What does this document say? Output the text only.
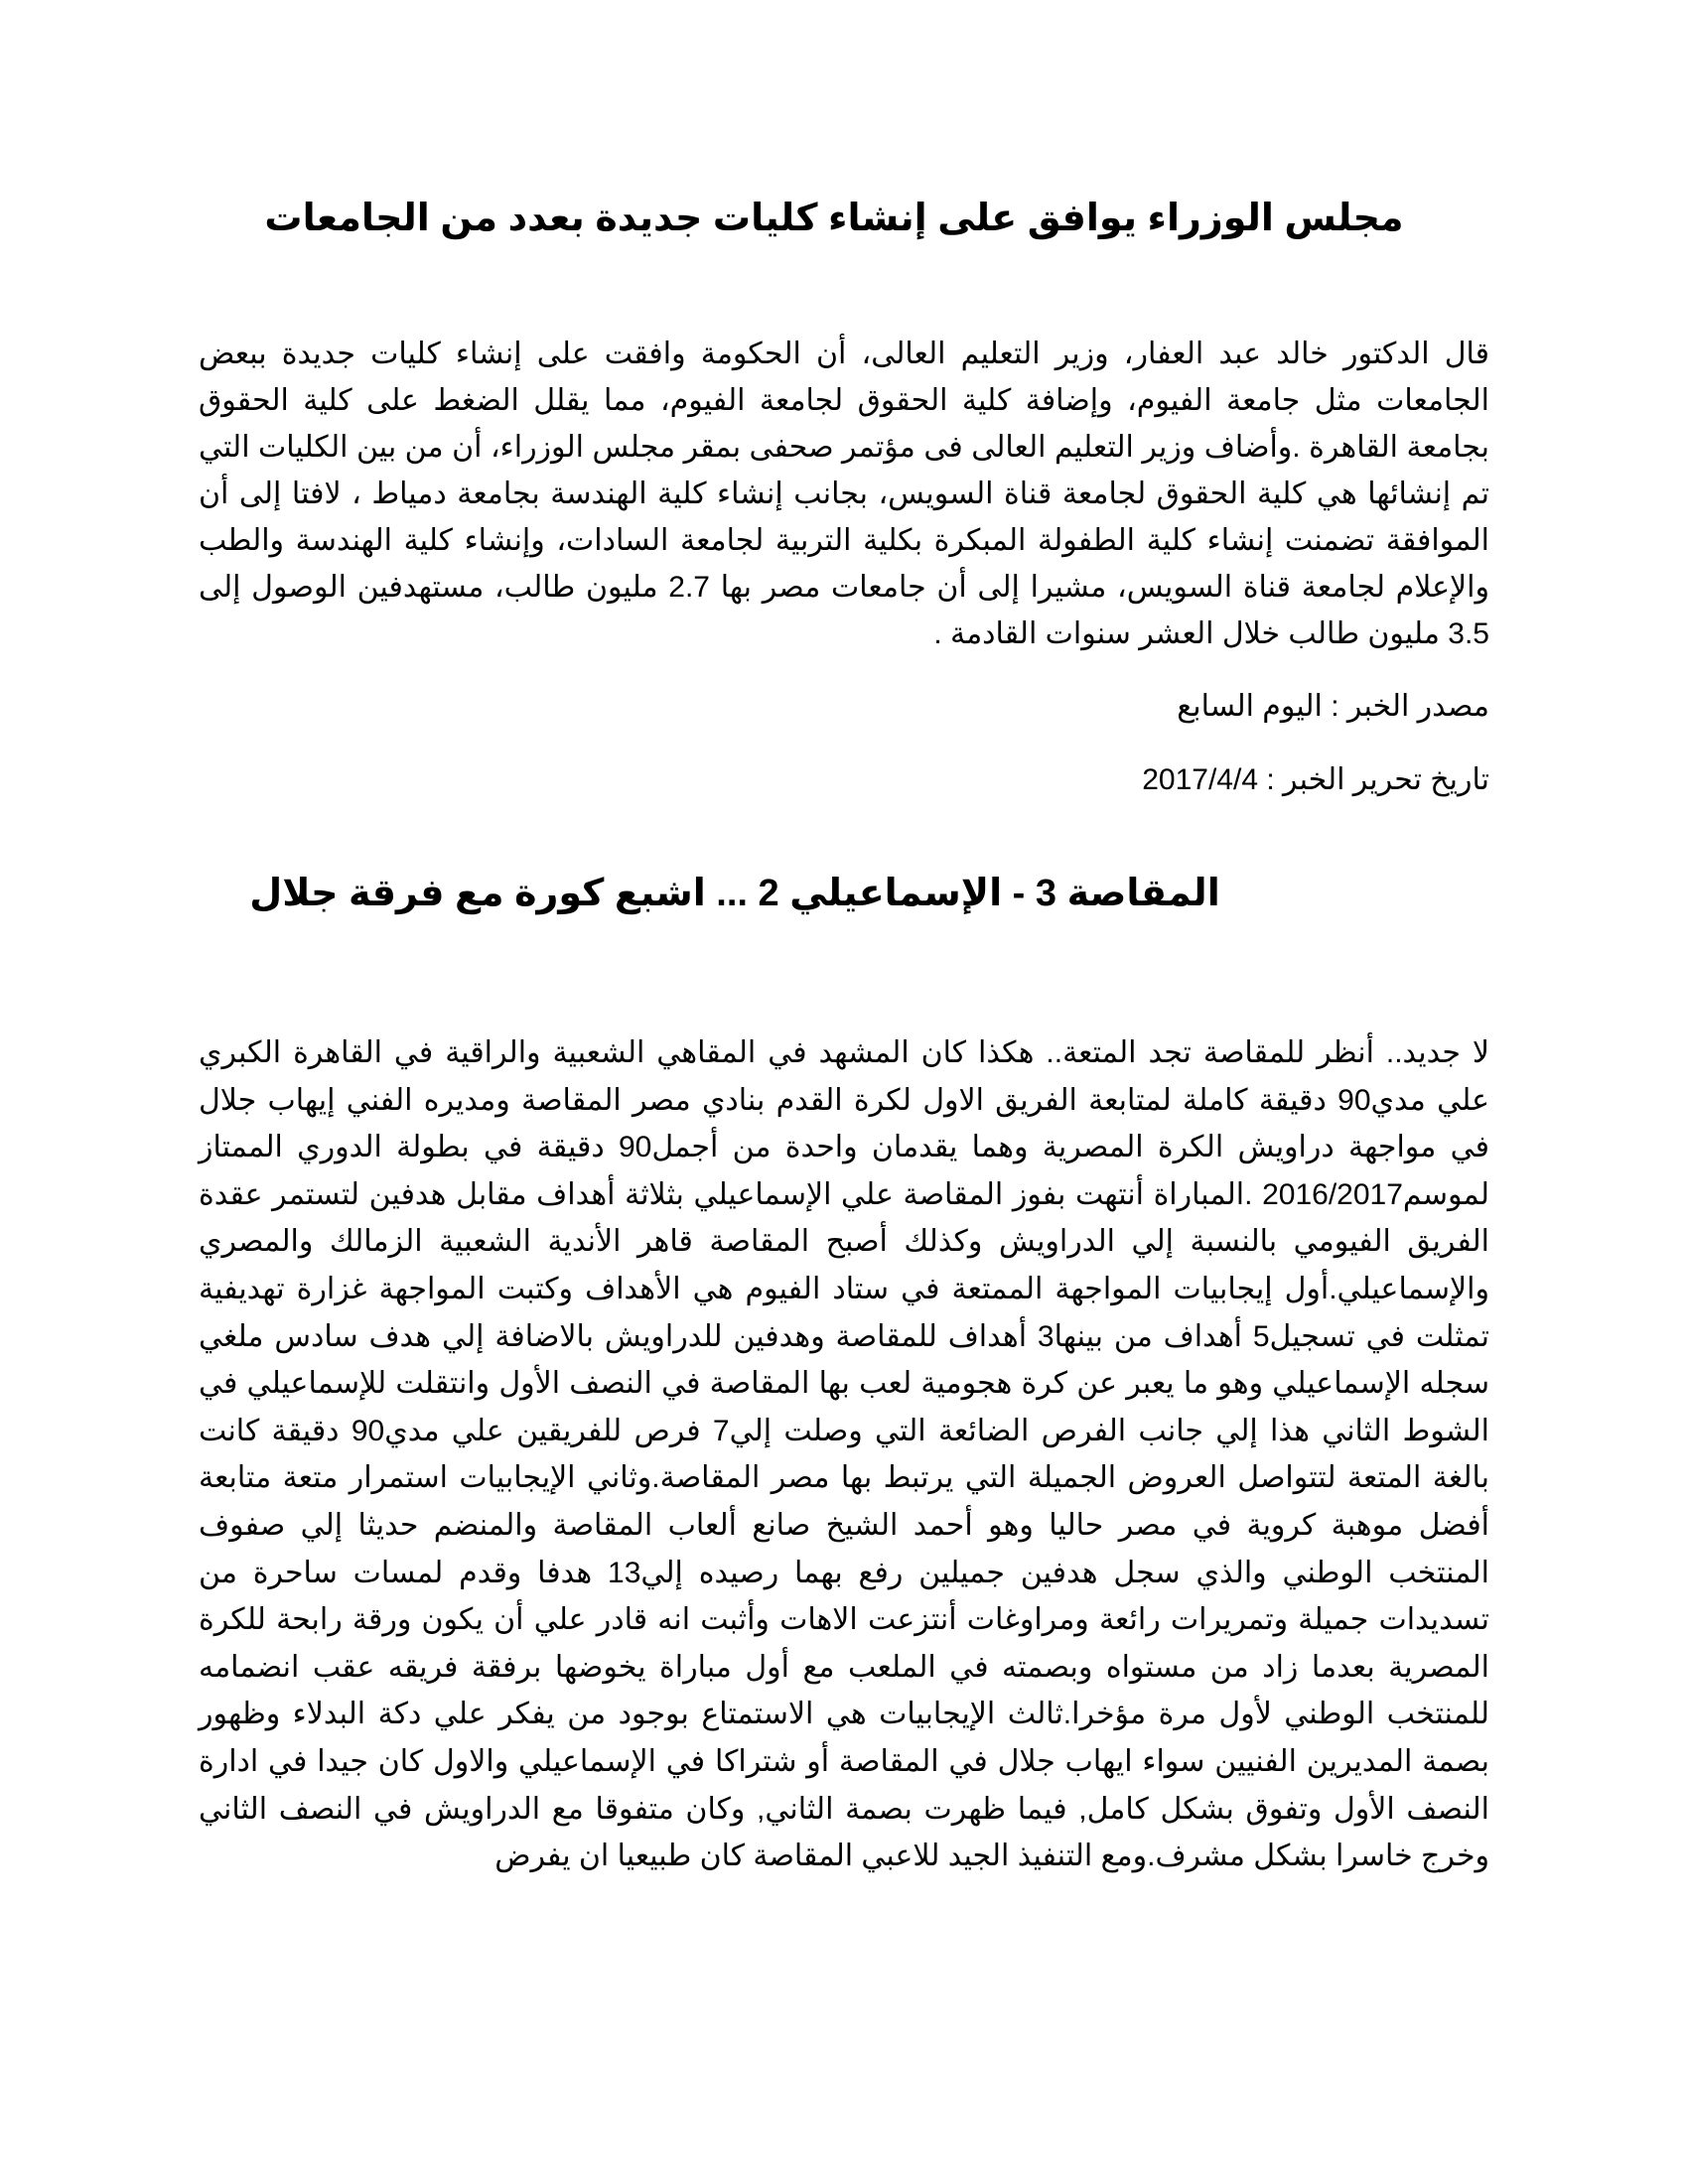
مجلس الوزراء يوافق على إنشاء كليات جديدة بعدد من الجامعات

قال الدكتور خالد عبد العفار، وزير التعليم العالى، أن الحكومة وافقت على إنشاء كليات جديدة ببعض الجامعات مثل جامعة الفيوم، وإضافة كلية الحقوق لجامعة الفيوم، مما يقلل الضغط على كلية الحقوق بجامعة القاهرة .وأضاف وزير التعليم العالى فى مؤتمر صحفى بمقر مجلس الوزراء، أن من بين الكليات التي تم إنشائها هي كلية الحقوق لجامعة قناة السويس، بجانب إنشاء كلية الهندسة بجامعة دمياط ، لافتا إلى أن الموافقة تضمنت إنشاء كلية الطفولة المبكرة بكلية التربية لجامعة السادات، وإنشاء كلية الهندسة والطب والإعلام لجامعة قناة السويس، مشيرا إلى أن جامعات مصر بها 2.7 مليون طالب، مستهدفين الوصول إلى 3.5 مليون طالب خلال العشر سنوات القادمة .

مصدر الخبر : اليوم السابع

تاريخ تحرير الخبر : 2017/4/4

المقاصة 3 - الإسماعيلي 2 ... اشبع كورة مع فرقة جلال

لا جديد.. أنظر للمقاصة تجد المتعة.. هكذا كان المشهد في المقاهي الشعبية والراقية في القاهرة الكبري علي مدي90 دقيقة كاملة لمتابعة الفريق الاول لكرة القدم بنادي مصر المقاصة ومديره الفني إيهاب جلال في مواجهة دراويش الكرة المصرية وهما يقدمان واحدة من أجمل90 دقيقة في بطولة الدوري الممتاز لموسم2016/2017 .المباراة أنتهت بفوز المقاصة علي الإسماعيلي بثلاثة أهداف مقابل هدفين لتستمر عقدة الفريق الفيومي بالنسبة إلي الدراويش وكذلك أصبح المقاصة قاهر الأندية الشعبية الزمالك والمصري والإسماعيلي.أول إيجابيات المواجهة الممتعة في ستاد الفيوم هي الأهداف وكتبت المواجهة غزارة تهديفية تمثلت في تسجيل5 أهداف من بينها3 أهداف للمقاصة وهدفين للدراويش بالاضافة إلي هدف سادس ملغي سجله الإسماعيلي وهو ما يعبر عن كرة هجومية لعب بها المقاصة في النصف الأول وانتقلت للإسماعيلي في الشوط الثاني هذا إلي جانب الفرص الضائعة التي وصلت إلي7 فرص للفريقين علي مدي90 دقيقة كانت بالغة المتعة لتتواصل العروض الجميلة التي يرتبط بها مصر المقاصة.وثاني الإيجابيات استمرار متعة متابعة أفضل موهبة كروية في مصر حاليا وهو أحمد الشيخ صانع ألعاب المقاصة والمنضم حديثا إلي صفوف المنتخب الوطني والذي سجل هدفين جميلين رفع بهما رصيده إلي13 هدفا وقدم لمسات ساحرة من تسديدات جميلة وتمريرات رائعة ومراوغات أنتزعت الاهات وأثبت انه قادر علي أن يكون ورقة رابحة للكرة المصرية بعدما زاد من مستواه وبصمته في الملعب مع أول مباراة يخوضها برفقة فريقه عقب انضمامه للمنتخب الوطني لأول مرة مؤخرا.ثالث الإيجابيات هي الاستمتاع بوجود من يفكر علي دكة البدلاء وظهور بصمة المديرين الفنيين سواء ايهاب جلال في المقاصة أو شتراكا في الإسماعيلي والاول كان جيدا في ادارة النصف الأول وتفوق بشكل كامل, فيما ظهرت بصمة الثاني, وكان متفوقا مع الدراويش في النصف الثاني وخرج خاسرا بشكل مشرف.ومع التنفيذ الجيد للاعبي المقاصة كان طبيعيا ان يفرض
